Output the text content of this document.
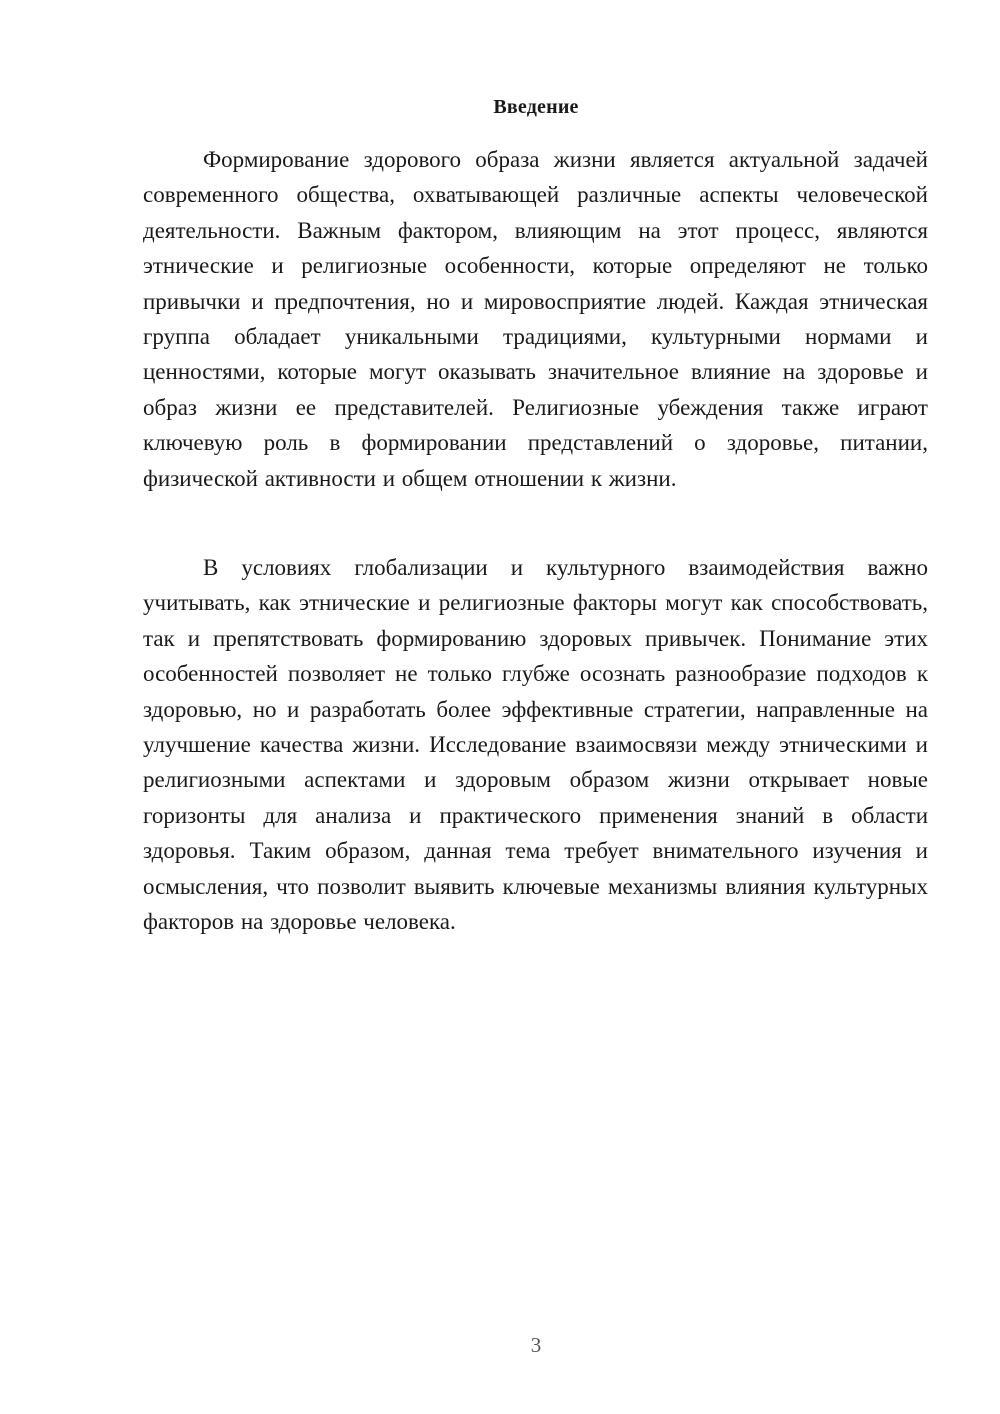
Введение

Формирование здорового образа жизни является актуальной задачей современного общества, охватывающей различные аспекты человеческой деятельности. Важным фактором, влияющим на этот процесс, являются этнические и религиозные особенности, которые определяют не только привычки и предпочтения, но и мировосприятие людей. Каждая этническая группа обладает уникальными традициями, культурными нормами и ценностями, которые могут оказывать значительное влияние на здоровье и образ жизни ее представителей. Религиозные убеждения также играют ключевую роль в формировании представлений о здоровье, питании, физической активности и общем отношении к жизни.

В условиях глобализации и культурного взаимодействия важно учитывать, как этнические и религиозные факторы могут как способствовать, так и препятствовать формированию здоровых привычек. Понимание этих особенностей позволяет не только глубже осознать разнообразие подходов к здоровью, но и разработать более эффективные стратегии, направленные на улучшение качества жизни. Исследование взаимосвязи между этническими и религиозными аспектами и здоровым образом жизни открывает новые горизонты для анализа и практического применения знаний в области здоровья. Таким образом, данная тема требует внимательного изучения и осмысления, что позволит выявить ключевые механизмы влияния культурных факторов на здоровье человека.

3
